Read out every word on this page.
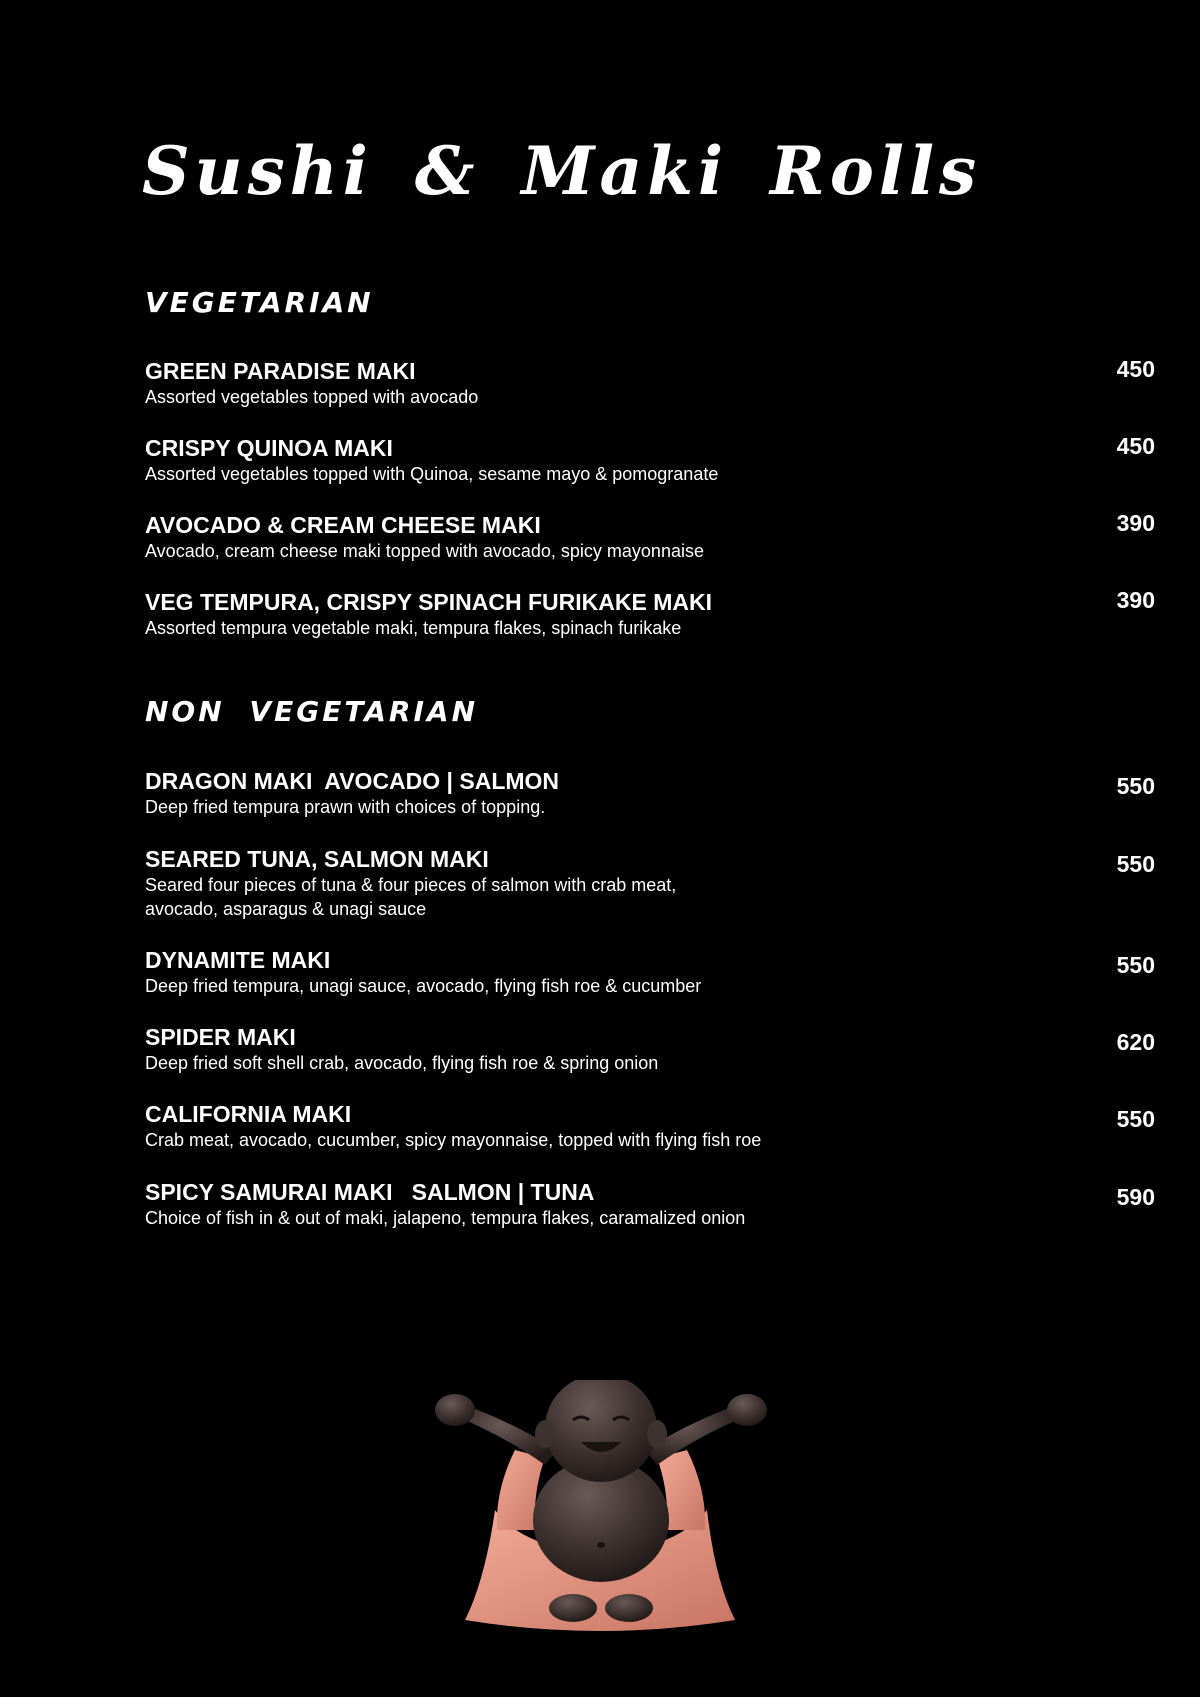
Sushi & Maki Rolls
VEGETARIAN
450
GREEN PARADISE MAKI
Assorted vegetables topped with avocado
450
CRISPY QUINOA MAKI
Assorted vegetables topped with Quinoa, sesame mayo & pomogranate
390
AVOCADO & CREAM CHEESE MAKI
Avocado, cream cheese maki topped with avocado, spicy mayonnaise
390
VEG TEMPURA, CRISPY SPINACH FURIKAKE MAKI
Assorted tempura vegetable maki, tempura flakes, spinach furikake
NON VEGETARIAN
550
DRAGON MAKI  AVOCADO | SALMON
Deep fried tempura prawn with choices of topping.
550
SEARED TUNA, SALMON MAKI
Seared four pieces of tuna & four pieces of salmon with crab meat,
avocado, asparagus & unagi sauce
550
DYNAMITE MAKI
Deep fried tempura, unagi sauce, avocado, flying fish roe & cucumber
620
SPIDER MAKI
Deep fried soft shell crab, avocado, flying fish roe & spring onion
550
CALIFORNIA MAKI
Crab meat, avocado, cucumber, spicy mayonnaise, topped with flying fish roe
590
SPICY SAMURAI MAKI   SALMON | TUNA
Choice of fish in & out of maki, jalapeno, tempura flakes, caramalized onion
